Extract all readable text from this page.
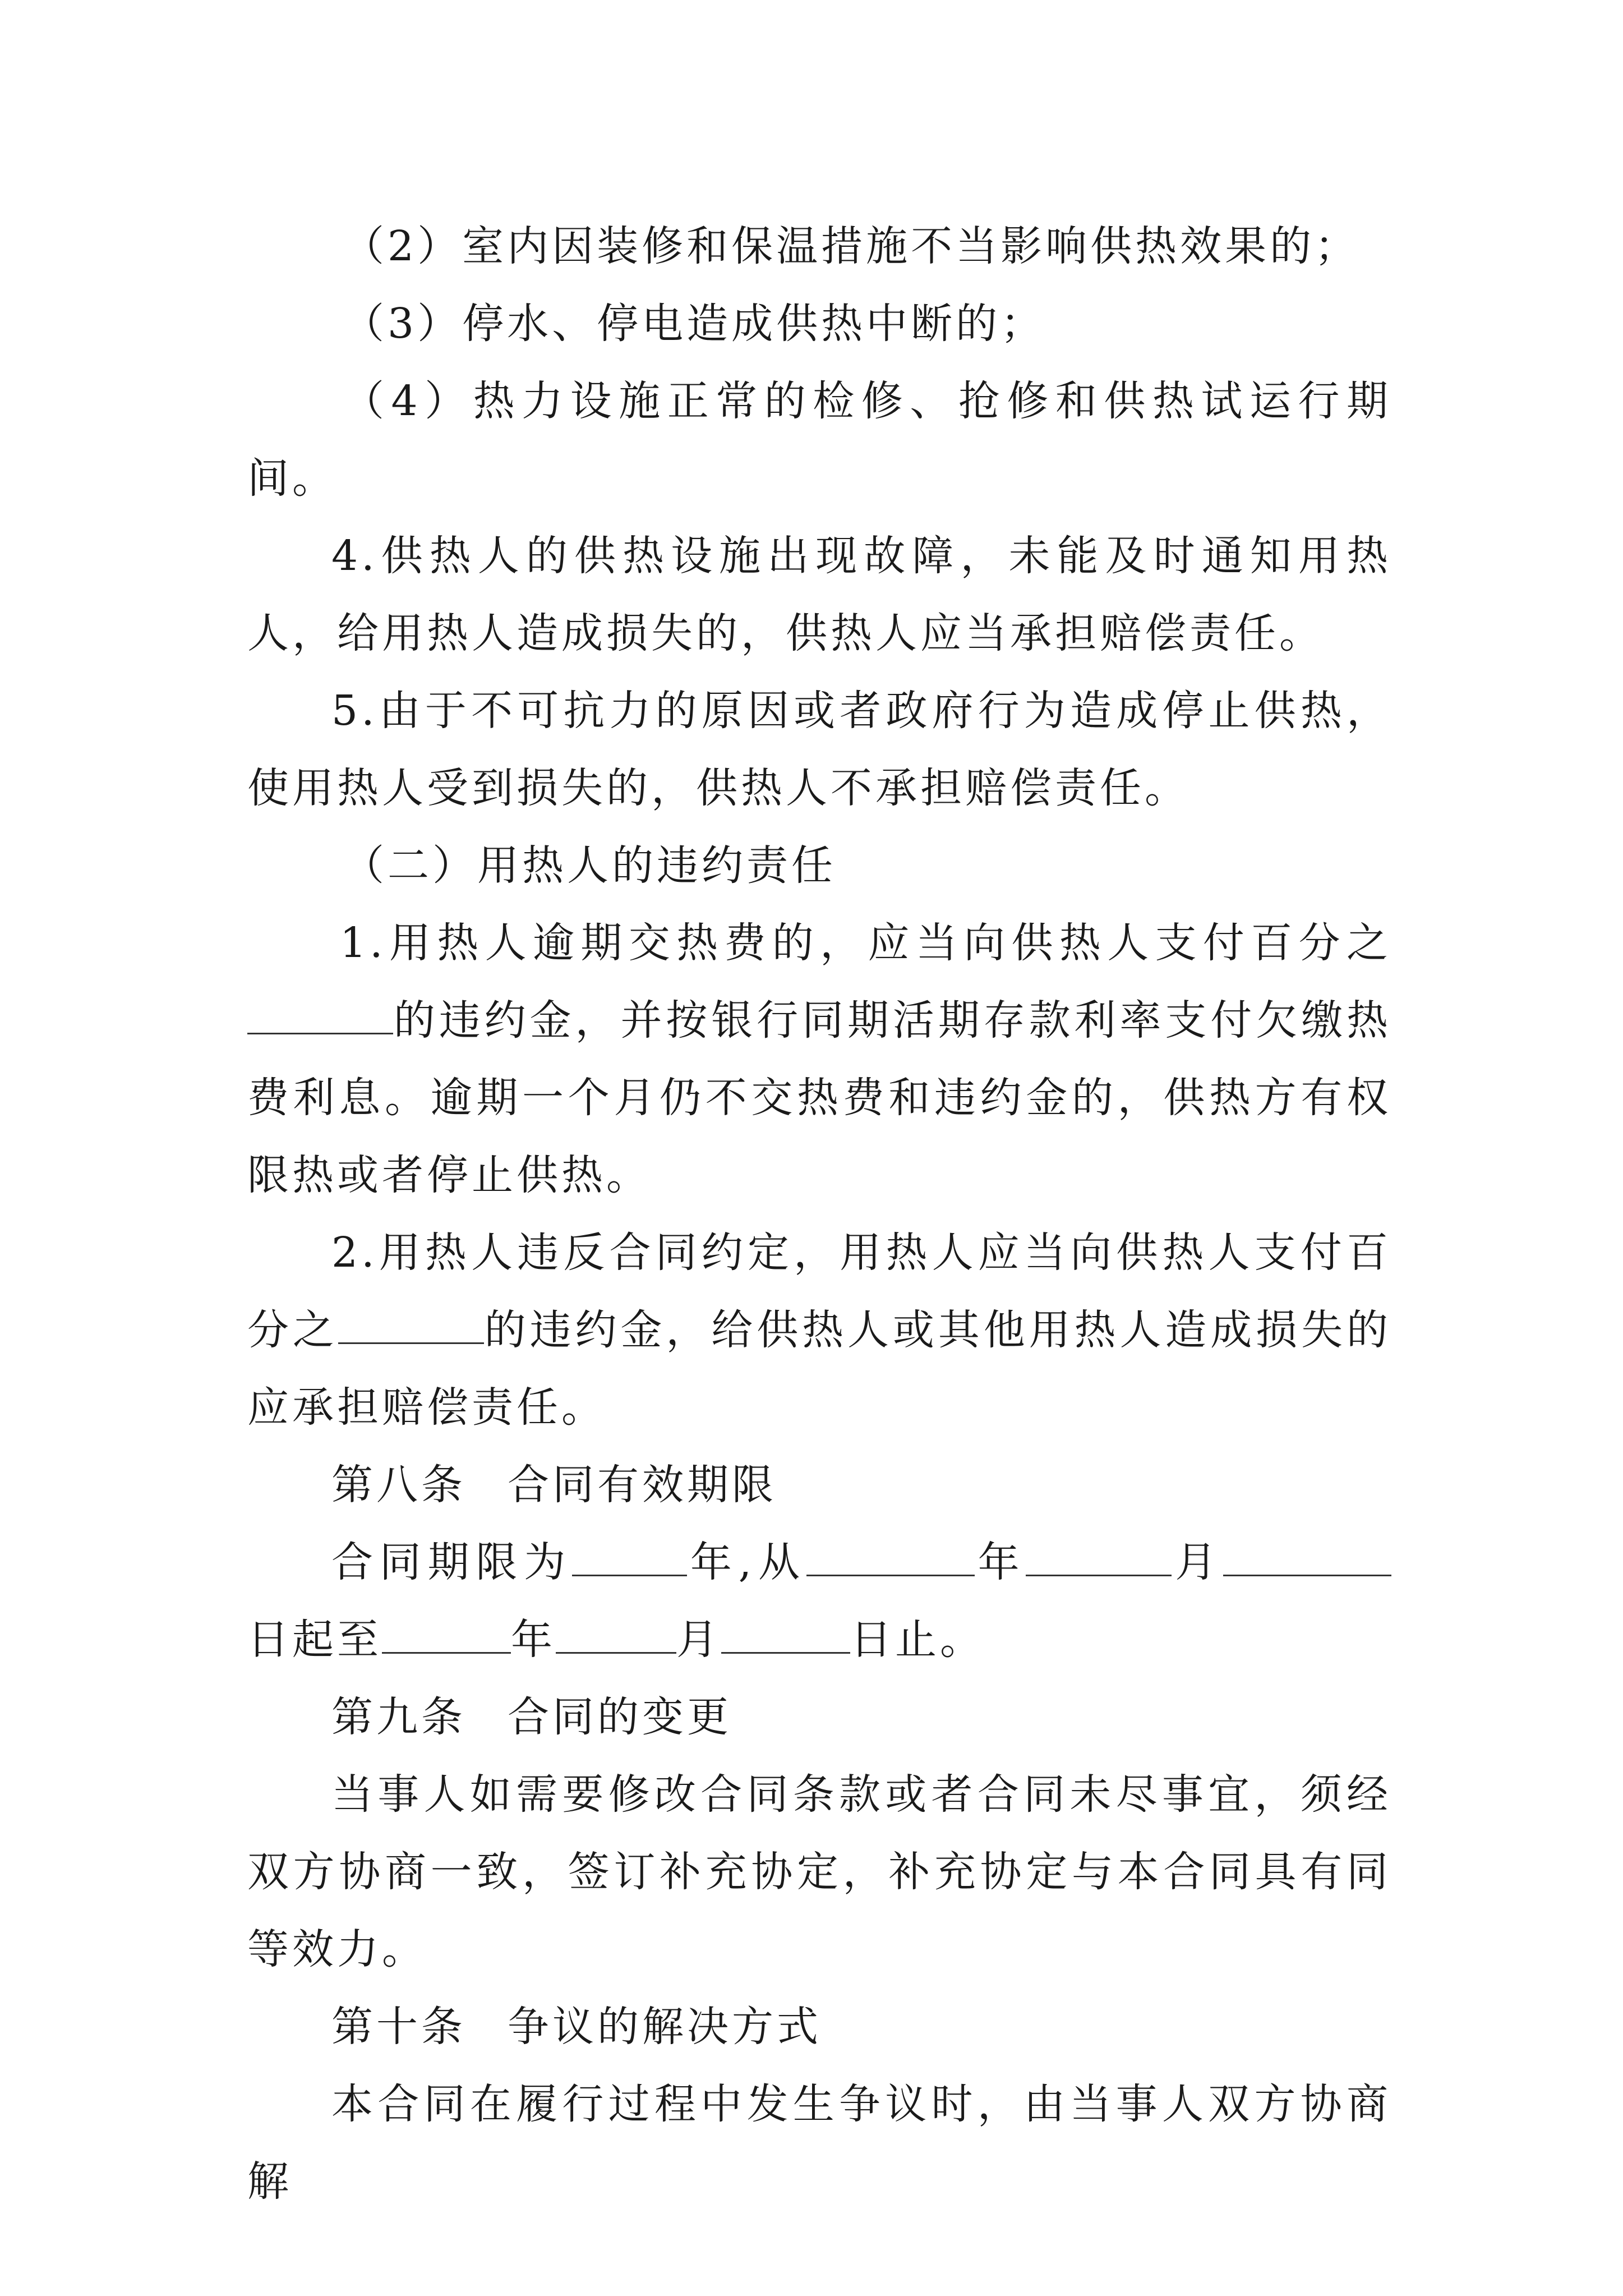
（2）室内因装修和保温措施不当影响供热效果的；

（3）停水、停电造成供热中断的；

（4）热力设施正常的检修、抢修和供热试运行期间。

4.供热人的供热设施出现故障，未能及时通知用热人，给用热人造成损失的，供热人应当承担赔偿责任。

5.由于不可抗力的原因或者政府行为造成停止供热，使用热人受到损失的，供热人不承担赔偿责任。

（二）用热人的违约责任

1.用热人逾期交热费的，应当向供热人支付百分之的违约金，并按银行同期活期存款利率支付欠缴热费利息。逾期一个月仍不交热费和违约金的，供热方有权限热或者停止供热。

2.用热人违反合同约定，用热人应当向供热人支付百分之	的违约金，给供热人或其他用热人造成损失的应承担赔偿责任。

第八条 合同有效期限

合同期限为	年,从	年	月日起至	年	月	日止。

第九条 合同的变更

当事人如需要修改合同条款或者合同未尽事宜，须经双方协商一致，签订补充协定，补充协定与本合同具有同等效力。

第十条 争议的解决方式

本合同在履行过程中发生争议时，由当事人双方协商解
